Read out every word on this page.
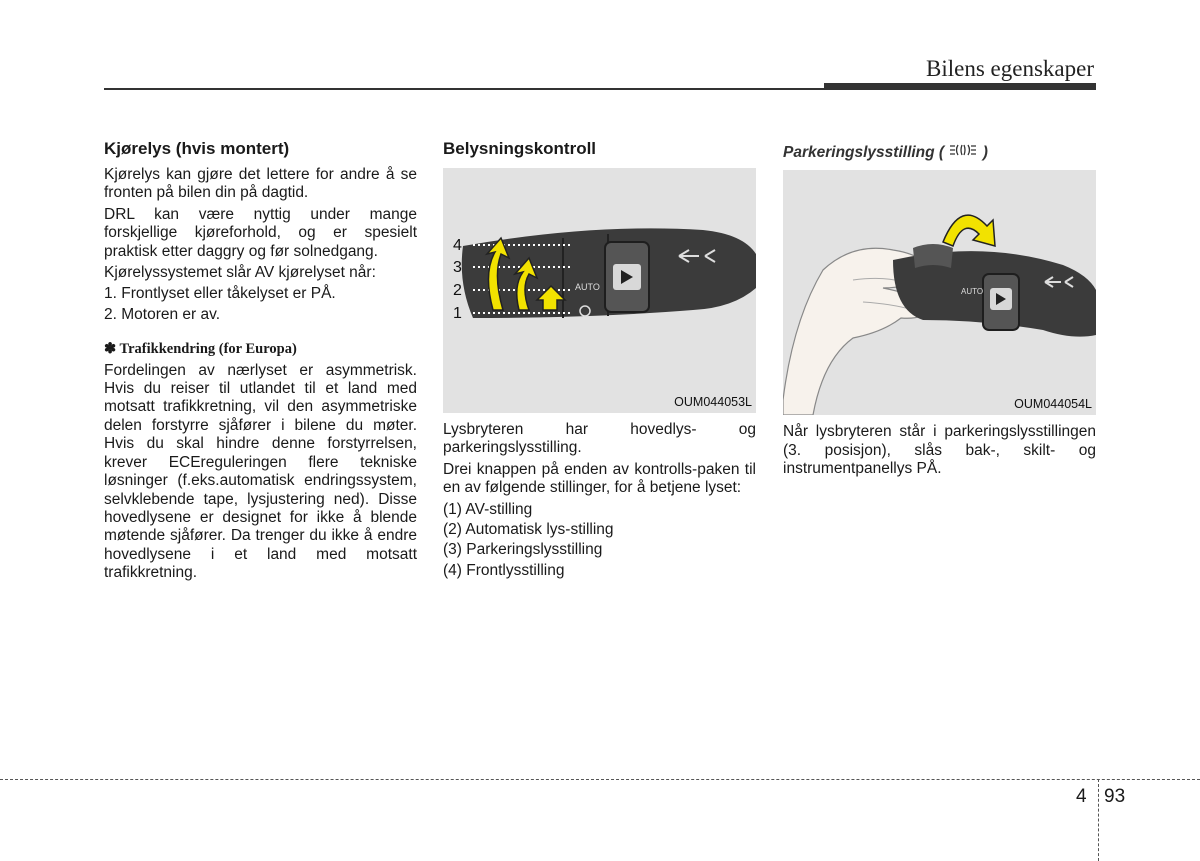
Bilens egenskaper
Kjørelys (hvis montert)

Kjørelys kan gjøre det lettere for andre å se fronten på bilen din på dagtid.

DRL kan være nyttig under mange forskjellige kjøreforhold, og er spesielt praktisk etter daggry og før solnedgang.

Kjørelyssystemet slår AV kjørelyset når:

1. Frontlyset eller tåkelyset er PÅ.
2. Motoren er av.
✽ Trafikkendring (for Europa)

Fordelingen av nærlyset er asymmetrisk. Hvis du reiser til utlandet til et land med motsatt trafikkretning, vil den asymmetriske delen forstyrre sjåfører i bilene du møter. Hvis du skal hindre denne forstyrrelsen, krever ECEreguleringen flere tekniske løsninger (f.eks.automatisk endringssystem, selvklebende tape, lysjustering ned). Disse hovedlysene er designet for ikke å blende møtende sjåfører. Da trenger du ikke å endre hovedlysene i et land med motsatt trafikkretning.

Belysningskontroll
AUTO
4
3
2
1
OUM044053L

Lysbryteren har hovedlys- og parkeringslysstilling.

Drei knappen på enden av kontrolls-paken til en av følgende stillinger, for å betjene lyset:

(1) AV-stilling
(2) Automatisk lys-stilling
(3) Parkeringslysstilling
(4) Frontlysstilling
Parkeringslysstilling ( )
AUTO
OUM044054L

Når lysbryteren står i parkeringslysstillingen (3. posisjon), slås bak-, skilt- og instrumentpanellys PÅ.

4 93
